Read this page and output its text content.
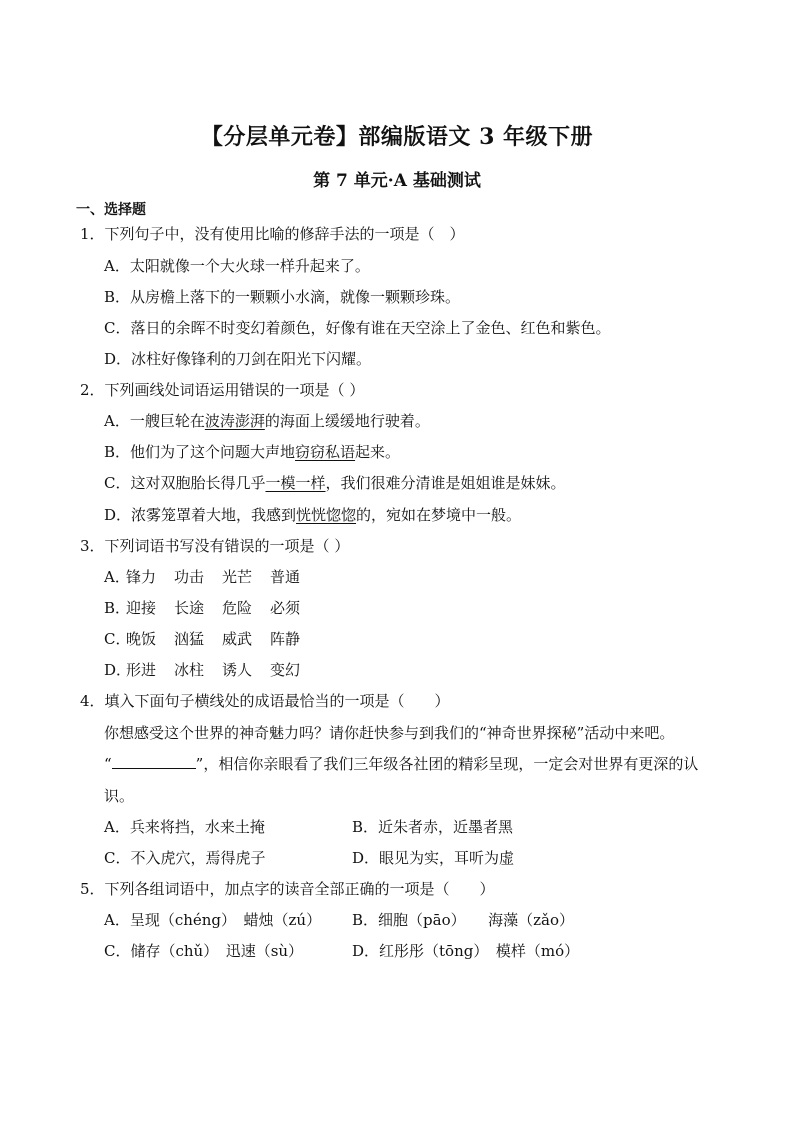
【分层单元卷】部编版语文 3 年级下册
第 7 单元·A 基础测试
一、选择题
1．下列句子中，没有使用比喻的修辞手法的一项是（　）
A．太阳就像一个大火球一样升起来了。
B．从房檐上落下的一颗颗小水滴，就像一颗颗珍珠。
C．落日的余晖不时变幻着颜色，好像有谁在天空涂上了金色、红色和紫色。
D．冰柱好像锋利的刀剑在阳光下闪耀。
2．下列画线处词语运用错误的一项是（ ）
A．一艘巨轮在波涛澎湃的海面上缓缓地行驶着。
B．他们为了这个问题大声地窃窃私语起来。
C．这对双胞胎长得几乎一模一样，我们很难分清谁是姐姐谁是妹妹。
D．浓雾笼罩着大地，我感到恍恍惚惚的，宛如在梦境中一般。
3．下列词语书写没有错误的一项是（ ）
A．锋力 功击 光芒 普通
B．迎接 长途 危险 必须
C．晚饭 汹猛 威武 阵静
D．形进 冰柱 诱人 变幻
4．填入下面句子横线处的成语最恰当的一项是（　　）
你想感受这个世界的神奇魅力吗？请你赶快参与到我们的“神奇世界探秘”活动中来吧。
“	”，相信你亲眼看了我们三年级各社团的精彩呈现，一定会对世界有更深的认
识。
A．兵来将挡，水来土掩	B．近朱者赤，近墨者黑
C．不入虎穴，焉得虎子	D．眼见为实，耳听为虚
5．下列各组词语中，加点字的读音全部正确的一项是（　　）
A．呈现（chéng）　蜡烛（zú） B．细胞（pāo）　　海藻（zǎo）
C．储存（chǔ）　迅速（sù）	D．红彤彤（tōng）　模样（mó）
